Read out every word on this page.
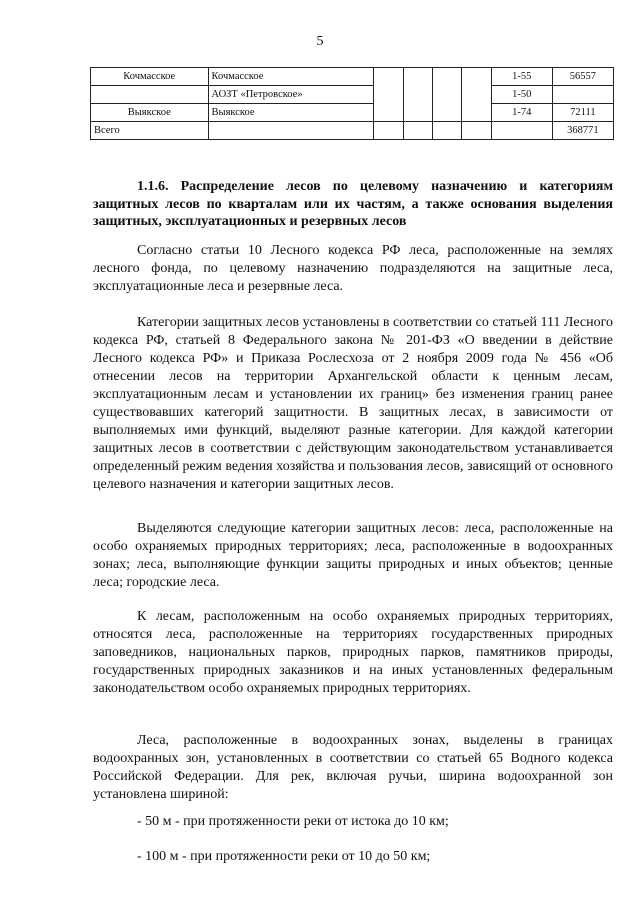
5
Кочмасское	Кочмасское					1-55	56557
	АОЗТ «Петровское»					1-50	
Выякское	Выякское					1-74	72111
Всего							368771
1.1.6. Распределение лесов по целевому назначению и категориям защитных лесов по кварталам или их частям, а также основания выделения защитных, эксплуатационных и резервных лесов

Согласно статьи 10 Лесного кодекса РФ леса, расположенные на землях лесного фонда, по целевому назначению подразделяются на защитные леса, эксплуатационные леса и резервные леса.

Категории защитных лесов установлены в соответствии со статьей 111 Лесного кодекса РФ, статьей 8 Федерального закона № 201-ФЗ «О введении в действие Лесного кодекса РФ» и Приказа Рослесхоза от 2 ноября 2009 года № 456 «Об отнесении лесов на территории Архангельской области к ценным лесам, эксплуатационным лесам и установлении их границ» без изменения границ ранее существовавших категорий защитности. В защитных лесах, в зависимости от выполняемых ими функций, выделяют разные категории. Для каждой категории защитных лесов в соответствии с действующим законодательством устанавливается определенный режим ведения хозяйства и пользования лесов, зависящий от основного целевого назначения и категории защитных лесов.

Выделяются следующие категории защитных лесов: леса, расположенные на особо охраняемых природных территориях; леса, расположенные в водоохранных зонах; леса, выполняющие функции защиты природных и иных объектов; ценные леса; городские леса.

К лесам, расположенным на особо охраняемых природных территориях, относятся леса, расположенные на территориях государственных природных заповедников, национальных парков, природных парков, памятников природы, государственных природных заказников и на иных установленных федеральным законодательством особо охраняемых природных территориях.

Леса, расположенные в водоохранных зонах, выделены в границах водоохранных зон, установленных в соответствии со статьей 65 Водного кодекса Российской Федерации. Для рек, включая ручьи, ширина водоохранной зон установлена шириной:

- 50 м - при протяженности реки от истока до 10 км;

- 100 м - при протяженности реки от 10 до 50 км;
